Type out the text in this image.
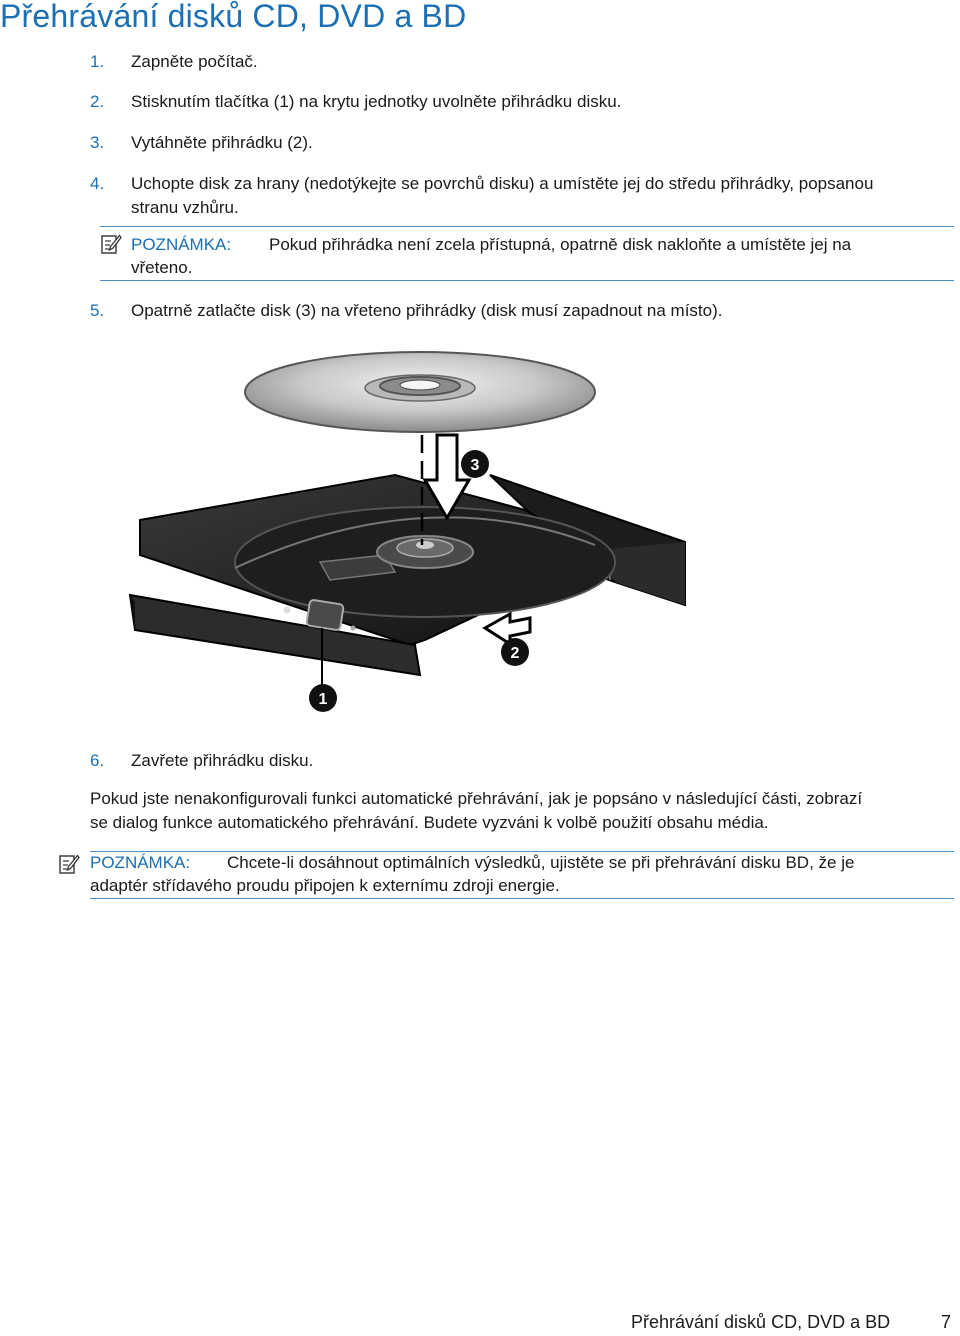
Přehrávání disků CD, DVD a BD
1. Zapněte počítač.
2. Stisknutím tlačítka (1) na krytu jednotky uvolněte přihrádku disku.
3. Vytáhněte přihrádku (2).
4. Uchopte disk za hrany (nedotýkejte se povrchů disku) a umístěte jej do středu přihrádky, popsanou
stranu vzhůru.
POZNÁMKA: Pokud přihrádka není zcela přístupná, opatrně disk nakloňte a umístěte jej na
vřeteno.
5. Opatrně zatlačte disk (3) na vřeteno přihrádky (disk musí zapadnout na místo).
1
2
3
6. Zavřete přihrádku disku.
Pokud jste nenakonfigurovali funkci automatické přehrávání, jak je popsáno v následující části, zobrazí
se dialog funkce automatického přehrávání. Budete vyzváni k volbě použití obsahu média.
POZNÁMKA: Chcete-li dosáhnout optimálních výsledků, ujistěte se při přehrávání disku BD, že je
adaptér střídavého proudu připojen k externímu zdroji energie.
Přehrávání disků CD, DVD a BD	7
